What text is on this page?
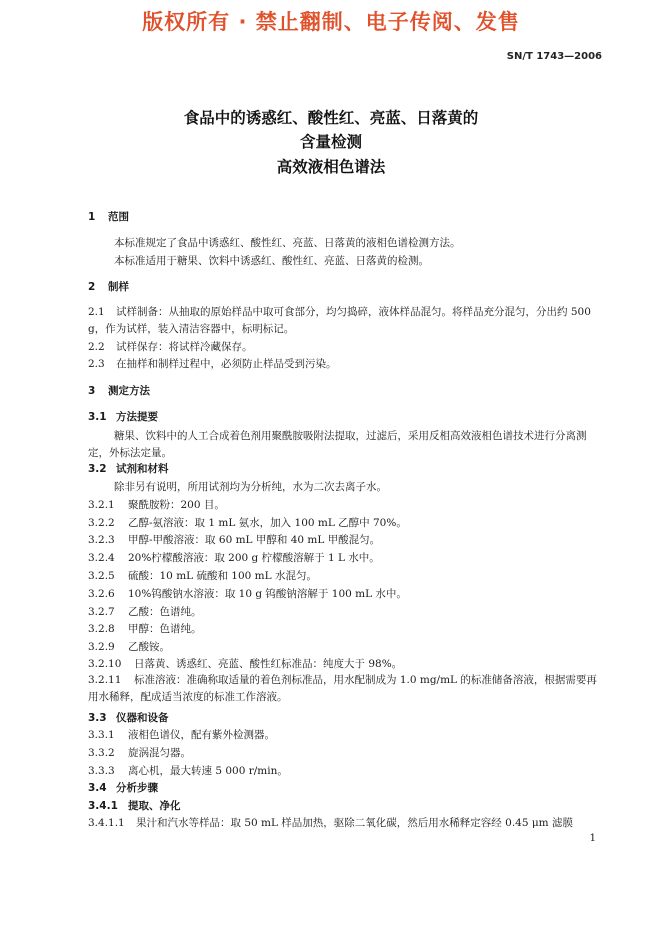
版权所有 · 禁止翻制、电子传阅、发售
SN/T 1743—2006
食品中的诱惑红、酸性红、亮蓝、日落黄的
含量检测
高效液相色谱法
1 范围
本标准规定了食品中诱惑红、酸性红、亮蓝、日落黄的液相色谱检测方法。
本标准适用于糖果、饮料中诱惑红、酸性红、亮蓝、日落黄的检测。
2 制样
2.1 试样制备：从抽取的原始样品中取可食部分，均匀捣碎，液体样品混匀。将样品充分混匀，分出约 500 g，作为试样，装入清洁容器中，标明标记。
2.2 试样保存：将试样冷藏保存。
2.3 在抽样和制样过程中，必须防止样品受到污染。
3 测定方法
3.1 方法提要
糖果、饮料中的人工合成着色剂用聚酰胺吸附法提取，过滤后，采用反相高效液相色谱技术进行分离测定，外标法定量。
3.2 试剂和材料
除非另有说明，所用试剂均为分析纯，水为二次去离子水。
3.2.1 聚酰胺粉：200 目。
3.2.2 乙醇-氨溶液：取 1 mL 氨水，加入 100 mL 乙醇中 70%。
3.2.3 甲醇-甲酸溶液：取 60 mL 甲醇和 40 mL 甲酸混匀。
3.2.4 20%柠檬酸溶液：取 200 g 柠檬酸溶解于 1 L 水中。
3.2.5 硫酸：10 mL 硫酸和 100 mL 水混匀。
3.2.6 10%钨酸钠水溶液：取 10 g 钨酸钠溶解于 100 mL 水中。
3.2.7 乙酸：色谱纯。
3.2.8 甲醇：色谱纯。
3.2.9 乙酸铵。
3.2.10 日落黄、诱惑红、亮蓝、酸性红标准品：纯度大于 98%。
3.2.11 标准溶液：准确称取适量的着色剂标准品，用水配制成为 1.0 mg/mL 的标准储备溶液，根据需要再用水稀释，配成适当浓度的标准工作溶液。
3.3 仪器和设备
3.3.1 液相色谱仪，配有紫外检测器。
3.3.2 旋涡混匀器。
3.3.3 离心机，最大转速 5 000 r/min。
3.4 分析步骤
3.4.1 提取、净化
3.4.1.1 果汁和汽水等样品：取 50 mL 样品加热，驱除二氧化碳，然后用水稀释定容经 0.45 μm 滤膜
1
